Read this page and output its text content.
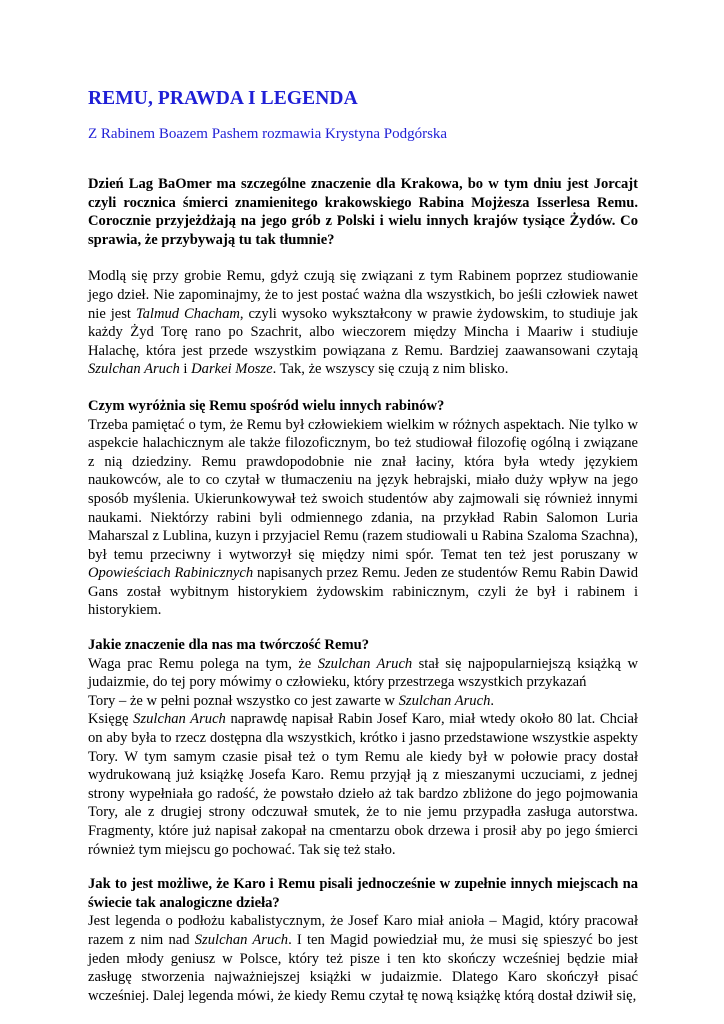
REMU, PRAWDA I LEGENDA

Z Rabinem Boazem Pashem rozmawia Krystyna Podgórska

Dzień Lag BaOmer ma szczególne znaczenie dla Krakowa, bo w tym dniu jest Jorcajt czyli rocznica śmierci znamienitego krakowskiego Rabina Mojżesza Isserlesa Remu. Corocznie przyjeżdżają na jego grób z Polski i wielu innych krajów tysiące Żydów. Co sprawia, że przybywają tu tak tłumnie?

Modlą się przy grobie Remu, gdyż czują się związani z tym Rabinem poprzez studiowanie jego dzieł. Nie zapominajmy, że to jest postać ważna dla wszystkich, bo jeśli człowiek nawet nie jest Talmud Chacham, czyli wysoko wykształcony w prawie żydowskim, to studiuje jak każdy Żyd Torę rano po Szachrit, albo wieczorem między Mincha i Maariw i studiuje Halachę, która jest przede wszystkim powiązana z Remu. Bardziej zaawansowani czytają Szulchan Aruch i Darkei Mosze. Tak, że wszyscy się czują z nim blisko.

Czym wyróżnia się Remu spośród wielu innych rabinów?

Trzeba pamiętać o tym, że Remu był człowiekiem wielkim w różnych aspektach. Nie tylko w aspekcie halachicznym ale także filozoficznym, bo też studiował filozofię ogólną i związane z nią dziedziny. Remu prawdopodobnie nie znał łaciny, która była wtedy językiem naukowców, ale to co czytał w tłumaczeniu na język hebrajski, miało duży wpływ na jego sposób myślenia. Ukierunkowywał też swoich studentów aby zajmowali się również innymi naukami. Niektórzy rabini byli odmiennego zdania, na przykład Rabin Salomon Luria Maharszal z Lublina, kuzyn i przyjaciel Remu (razem studiowali u Rabina Szaloma Szachna), był temu przeciwny i wytworzył się między nimi spór. Temat ten też jest poruszany w Opowieściach Rabinicznych napisanych przez Remu. Jeden ze studentów Remu Rabin Dawid Gans został wybitnym historykiem żydowskim rabinicznym, czyli że był i rabinem i historykiem.

Jakie znaczenie dla nas ma twórczość Remu?

Waga prac Remu polega na tym, że Szulchan Aruch stał się najpopularniejszą książką w judaizmie, do tej pory mówimy o człowieku, który przestrzega wszystkich przykazań

Tory – że w pełni poznał wszystko co jest zawarte w Szulchan Aruch.

Księgę Szulchan Aruch naprawdę napisał Rabin Josef Karo, miał wtedy około 80 lat. Chciał on aby była to rzecz dostępna dla wszystkich, krótko i jasno przedstawione wszystkie aspekty Tory. W tym samym czasie pisał też o tym Remu ale kiedy był w połowie pracy dostał wydrukowaną już książkę Josefa Karo. Remu przyjął ją z mieszanymi uczuciami, z jednej strony wypełniała go radość, że powstało dzieło aż tak bardzo zbliżone do jego pojmowania Tory, ale z drugiej strony odczuwał smutek, że to nie jemu przypadła zasługa autorstwa. Fragmenty, które już napisał zakopał na cmentarzu obok drzewa i prosił aby po jego śmierci również tym miejscu go pochować. Tak się też stało.

Jak to jest możliwe, że Karo i Remu pisali jednocześnie w zupełnie innych miejscach na świecie tak analogiczne dzieła?

Jest legenda o podłożu kabalistycznym, że Josef Karo miał anioła – Magid, który pracował razem z nim nad Szulchan Aruch. I ten Magid powiedział mu, że musi się spieszyć bo jest jeden młody geniusz w Polsce, który też pisze i ten kto skończy wcześniej będzie miał zasługę stworzenia najważniejszej książki w judaizmie. Dlatego Karo skończył pisać wcześniej. Dalej legenda mówi, że kiedy Remu czytał tę nową książkę którą dostał dziwił się,
